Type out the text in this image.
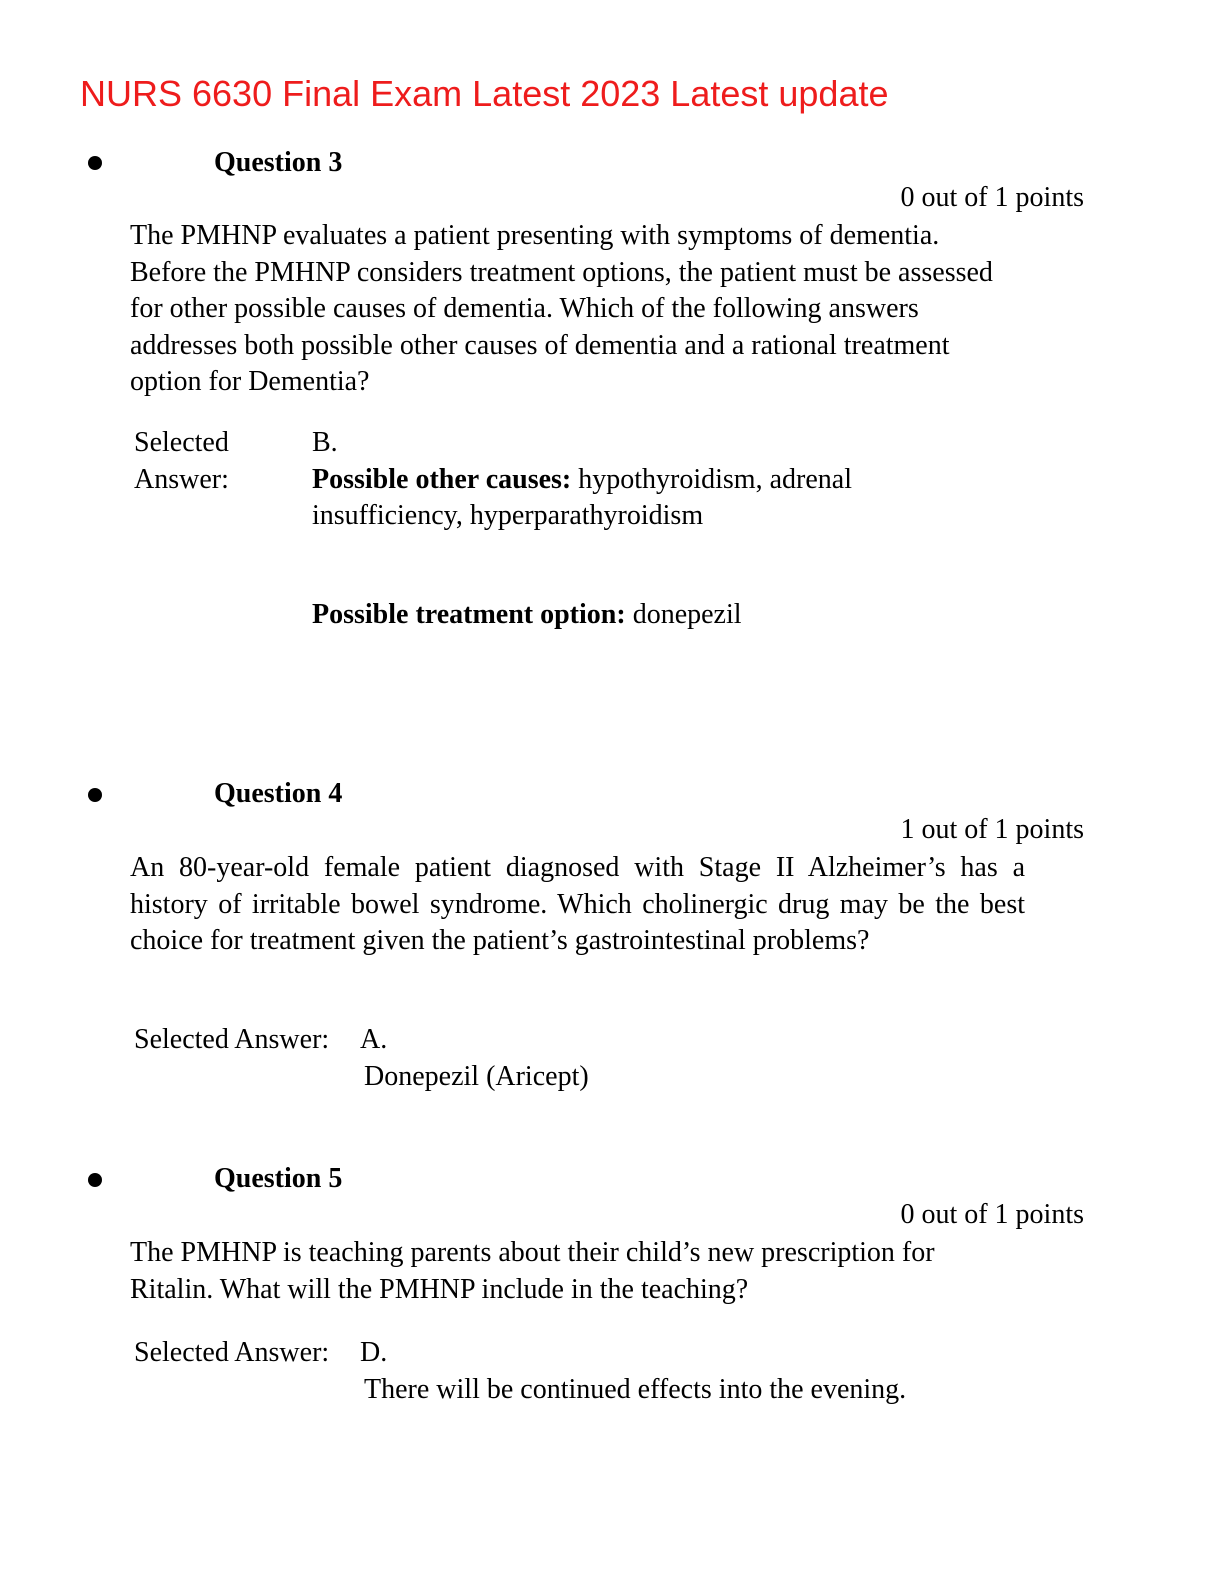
NURS 6630 Final Exam Latest 2023 Latest update
Question 3
0 out of 1 points
The PMHNP evaluates a patient presenting with symptoms of dementia. Before the PMHNP considers treatment options, the patient must be assessed for other possible causes of dementia. Which of the following answers addresses both possible other causes of dementia and a rational treatment option for Dementia?
Selected
Answer:
B.
Possible other causes: hypothyroidism, adrenal insufficiency, hyperparathyroidism
Possible treatment option: donepezil
Question 4
1 out of 1 points
An 80-year-old female patient diagnosed with Stage II Alzheimer’s has a history of irritable bowel syndrome. Which cholinergic drug may be the best choice for treatment given the patient’s gastrointestinal problems?
Selected Answer: A.
Donepezil (Aricept)
Question 5
0 out of 1 points
The PMHNP is teaching parents about their child’s new prescription for Ritalin. What will the PMHNP include in the teaching?
Selected Answer: D.
There will be continued effects into the evening.
